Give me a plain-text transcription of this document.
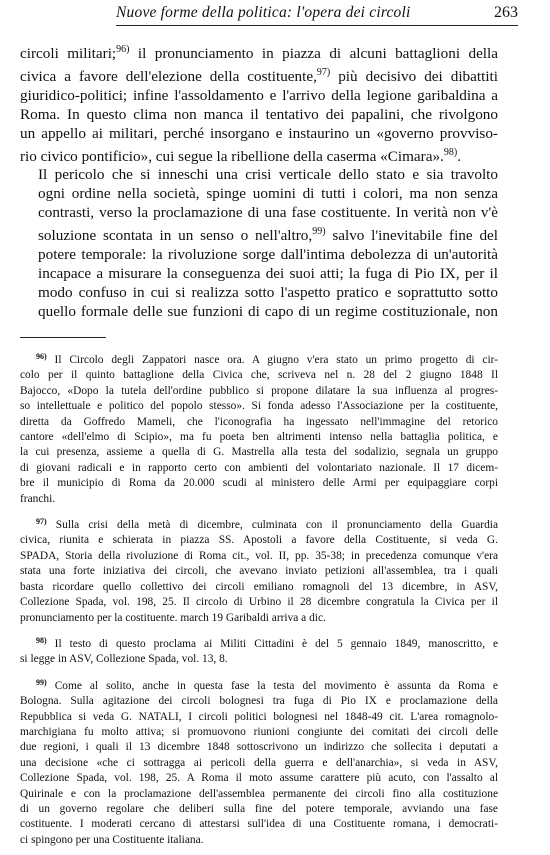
Nuove forme della politica: l'opera dei circoli	263

circoli militari;$^{96)}$ il pronunciamento in piazza di alcuni battaglioni della
civica a favore dell'elezione della costituente,$^{97)}$ più decisivo dei dibattiti
giuridico-politici; infine l'assoldamento e l'arrivo della legione garibaldina a
Roma. In questo clima non manca il tentativo dei papalini, che rivolgono
un appello ai militari, perché insorgano e instaurino un «governo provviso-
rio civico pontificio», cui segue la ribellione della caserma «Cimara».$^{98)}$.

Il pericolo che si inneschi una crisi verticale dello stato e sia travolto
ogni ordine nella società, spinge uomini di tutti i colori, ma non senza
contrasti, verso la proclamazione di una fase costituente. In verità non v'è
soluzione scontata in un senso o nell'altro,$^{99)}$ salvo l'inevitabile fine del
potere temporale: la rivoluzione sorge dall'intima debolezza di un'autorità
incapace a misurare la conseguenza dei suoi atti; la fuga di Pio IX, per il
modo confuso in cui si realizza sotto l'aspetto pratico e soprattutto sotto
quello formale delle sue funzioni di capo di un regime costituzionale, non

$^{96)}$ Il Circolo degli Zappatori nasce ora. A giugno v'era stato un primo progetto di cir-
colo per il quinto battaglione della Civica che, scriveva nel n. 28 del 2 giugno 1848 Il
Bajocco, «Dopo la tutela dell'ordine pubblico si propone dilatare la sua influenza al progres-
so intellettuale e politico del popolo stesso». Si fonda adesso l'Associazione per la costituente,
diretta da Goffredo Mameli, che l'iconografia ha ingessato nell'immagine del retorico
cantore «dell'elmo di Scipio», ma fu poeta ben altrimenti intenso nella battaglia politica, e
la cui presenza, assieme a quella di G. Mastrella alla testa del sodalizio, segnala un gruppo
di giovani radicali e in rapporto certo con ambienti del volontariato nazionale. Il 17 dicem-
bre il municipio di Roma da 20.000 scudi al ministero delle Armi per equipaggiare corpi
franchi.
$^{97)}$ Sulla crisi della metà di dicembre, culminata con il pronunciamento della Guardia
civica, riunita e schierata in piazza SS. Apostoli a favore della Costituente, si veda G.
SPADA, Storia della rivoluzione di Roma cit., vol. II, pp. 35-38; in precedenza comunque v'era
stata una forte iniziativa dei circoli, che avevano inviato petizioni all'assemblea, tra i quali
basta ricordare quello collettivo dei circoli emiliano romagnoli del 13 dicembre, in ASV,
Collezione Spada, vol. 198, 25. Il circolo di Urbino il 28 dicembre congratula la Civica per il
pronunciamento per la costituente. march 19 Garibaldi arriva a dic.
$^{98)}$ Il testo di questo proclama ai Militi Cittadini è del 5 gennaio 1849, manoscritto, e
si legge in ASV, Collezione Spada, vol. 13, 8.
$^{99)}$ Come al solito, anche in questa fase la testa del movimento è assunta da Roma e
Bologna. Sulla agitazione dei circoli bolognesi tra fuga di Pio IX e proclamazione della
Repubblica si veda G. NATALI, I circoli politici bolognesi nel 1848-49 cit. L'area romagnolo-
marchigiana fu molto attiva; si promuovono riunioni congiunte dei comitati dei circoli delle
due regioni, i quali il 13 dicembre 1848 sottoscrivono un indirizzo che sollecita i deputati a
una decisione «che ci sottragga ai pericoli della guerra e dell'anarchia», si veda in ASV,
Collezione Spada, vol. 198, 25. A Roma il moto assume carattere più acuto, con l'assalto al
Quirinale e con la proclamazione dell'assemblea permanente dei circoli fino alla costituzione
di un governo regolare che deliberi sulla fine del potere temporale, avviando una fase
costituente. I moderati cercano di attestarsi sull'idea di una Costituente romana, i democrati-
ci spingono per una Costituente italiana.
